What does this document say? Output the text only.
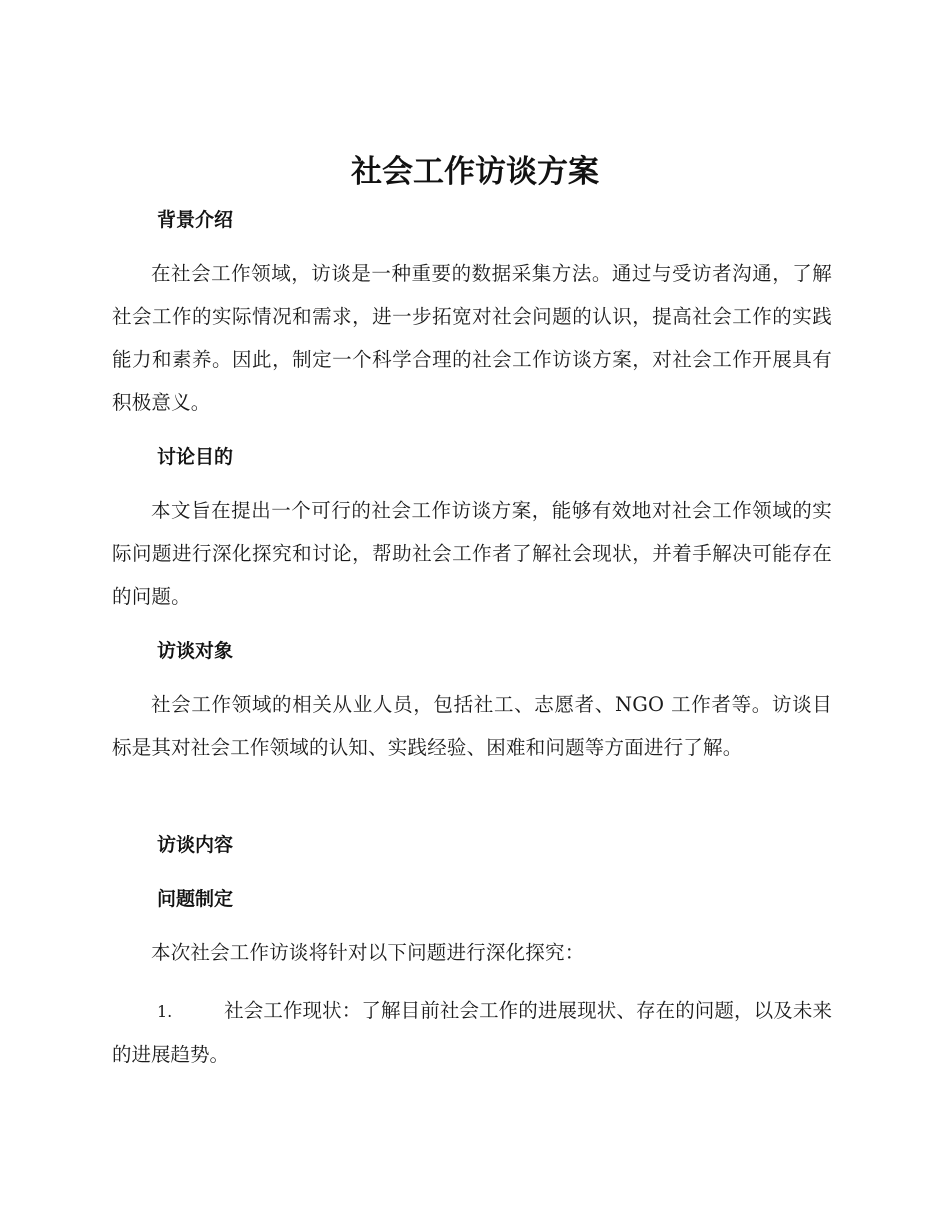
社会工作访谈方案
背景介绍

在社会工作领域，访谈是一种重要的数据采集方法。通过与受访者沟通，了解社会工作的实际情况和需求，进一步拓宽对社会问题的认识，提高社会工作的实践能力和素养。因此，制定一个科学合理的社会工作访谈方案，对社会工作开展具有积极意义。

讨论目的

本文旨在提出一个可行的社会工作访谈方案，能够有效地对社会工作领域的实际问题进行深化探究和讨论，帮助社会工作者了解社会现状，并着手解决可能存在的问题。

访谈对象

社会工作领域的相关从业人员，包括社工、志愿者、NGO 工作者等。访谈目标是其对社会工作领域的认知、实践经验、困难和问题等方面进行了解。

访谈内容
问题制定

本次社会工作访谈将针对以下问题进行深化探究：

1.	社会工作现状：了解目前社会工作的进展现状、存在的问题，以及未来的进展趋势。
